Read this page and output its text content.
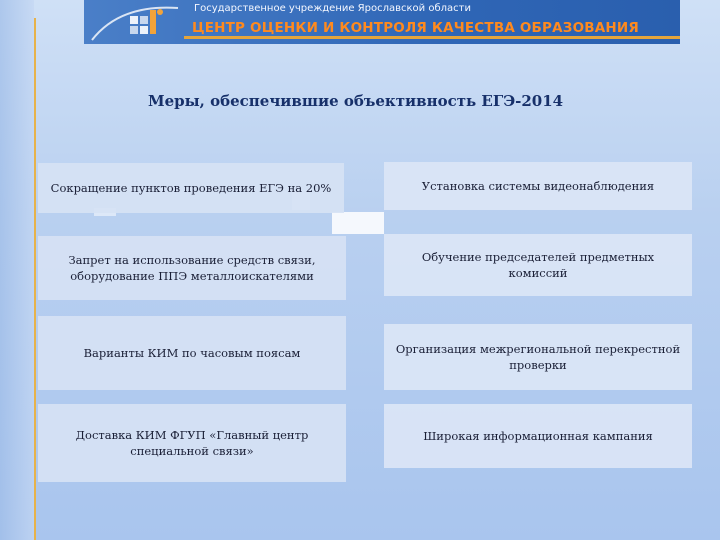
Государственное учреждение Ярославской области
ЦЕНТР ОЦЕНКИ И КОНТРОЛЯ КАЧЕСТВА ОБРАЗОВАНИЯ
Меры, обеспечившие объективность ЕГЭ-2014
Сокращение пунктов проведения ЕГЭ на 20%
Запрет на использование средств связи, оборудование ППЭ металлоискателями
Варианты КИМ по часовым поясам
Доставка КИМ ФГУП «Главный центр специальной связи»
Установка системы видеонаблюдения
Обучение председателей предметных комиссий
Организация межрегиональной перекрестной проверки
Широкая информационная кампания
